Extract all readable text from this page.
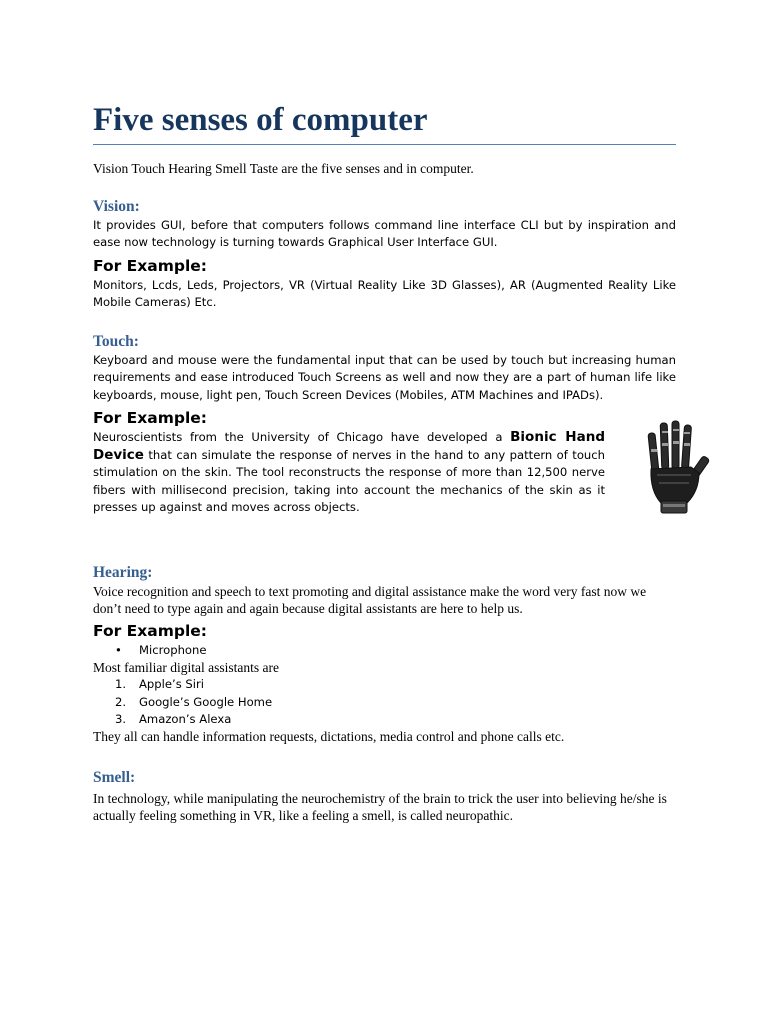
Five senses of computer

Vision Touch Hearing Smell Taste are the five senses and in computer.

Vision:

It provides GUI, before that computers follows command line interface CLI but by inspiration and ease now technology is turning towards Graphical User Interface GUI.

For Example:

Monitors, Lcds, Leds, Projectors, VR (Virtual Reality Like 3D Glasses), AR (Augmented Reality Like Mobile Cameras) Etc.

Touch:

Keyboard and mouse were the fundamental input that can be used by touch but increasing human requirements and ease introduced Touch Screens as well and now they are a part of human life like keyboards, mouse, light pen, Touch Screen Devices (Mobiles, ATM Machines and IPADs).

For Example:

Neuroscientists from the University of Chicago have developed a Bionic Hand Device that can simulate the response of nerves in the hand to any pattern of touch stimulation on the skin. The tool reconstructs the response of more than 12,500 nerve fibers with millisecond precision, taking into account the mechanics of the skin as it presses up against and moves across objects.

Hearing:

Voice recognition and speech to text promoting and digital assistance make the word very fast now we don’t need to type again and again because digital assistants are here to help us.

For Example:

• Microphone

Most familiar digital assistants are

1. Apple’s Siri
2. Google’s Google Home
3. Amazon’s Alexa

They all can handle information requests, dictations, media control and phone calls etc.

Smell:

In technology, while manipulating the neurochemistry of the brain to trick the user into believing he/she is actually feeling something in VR, like a feeling a smell, is called neuropathic.
